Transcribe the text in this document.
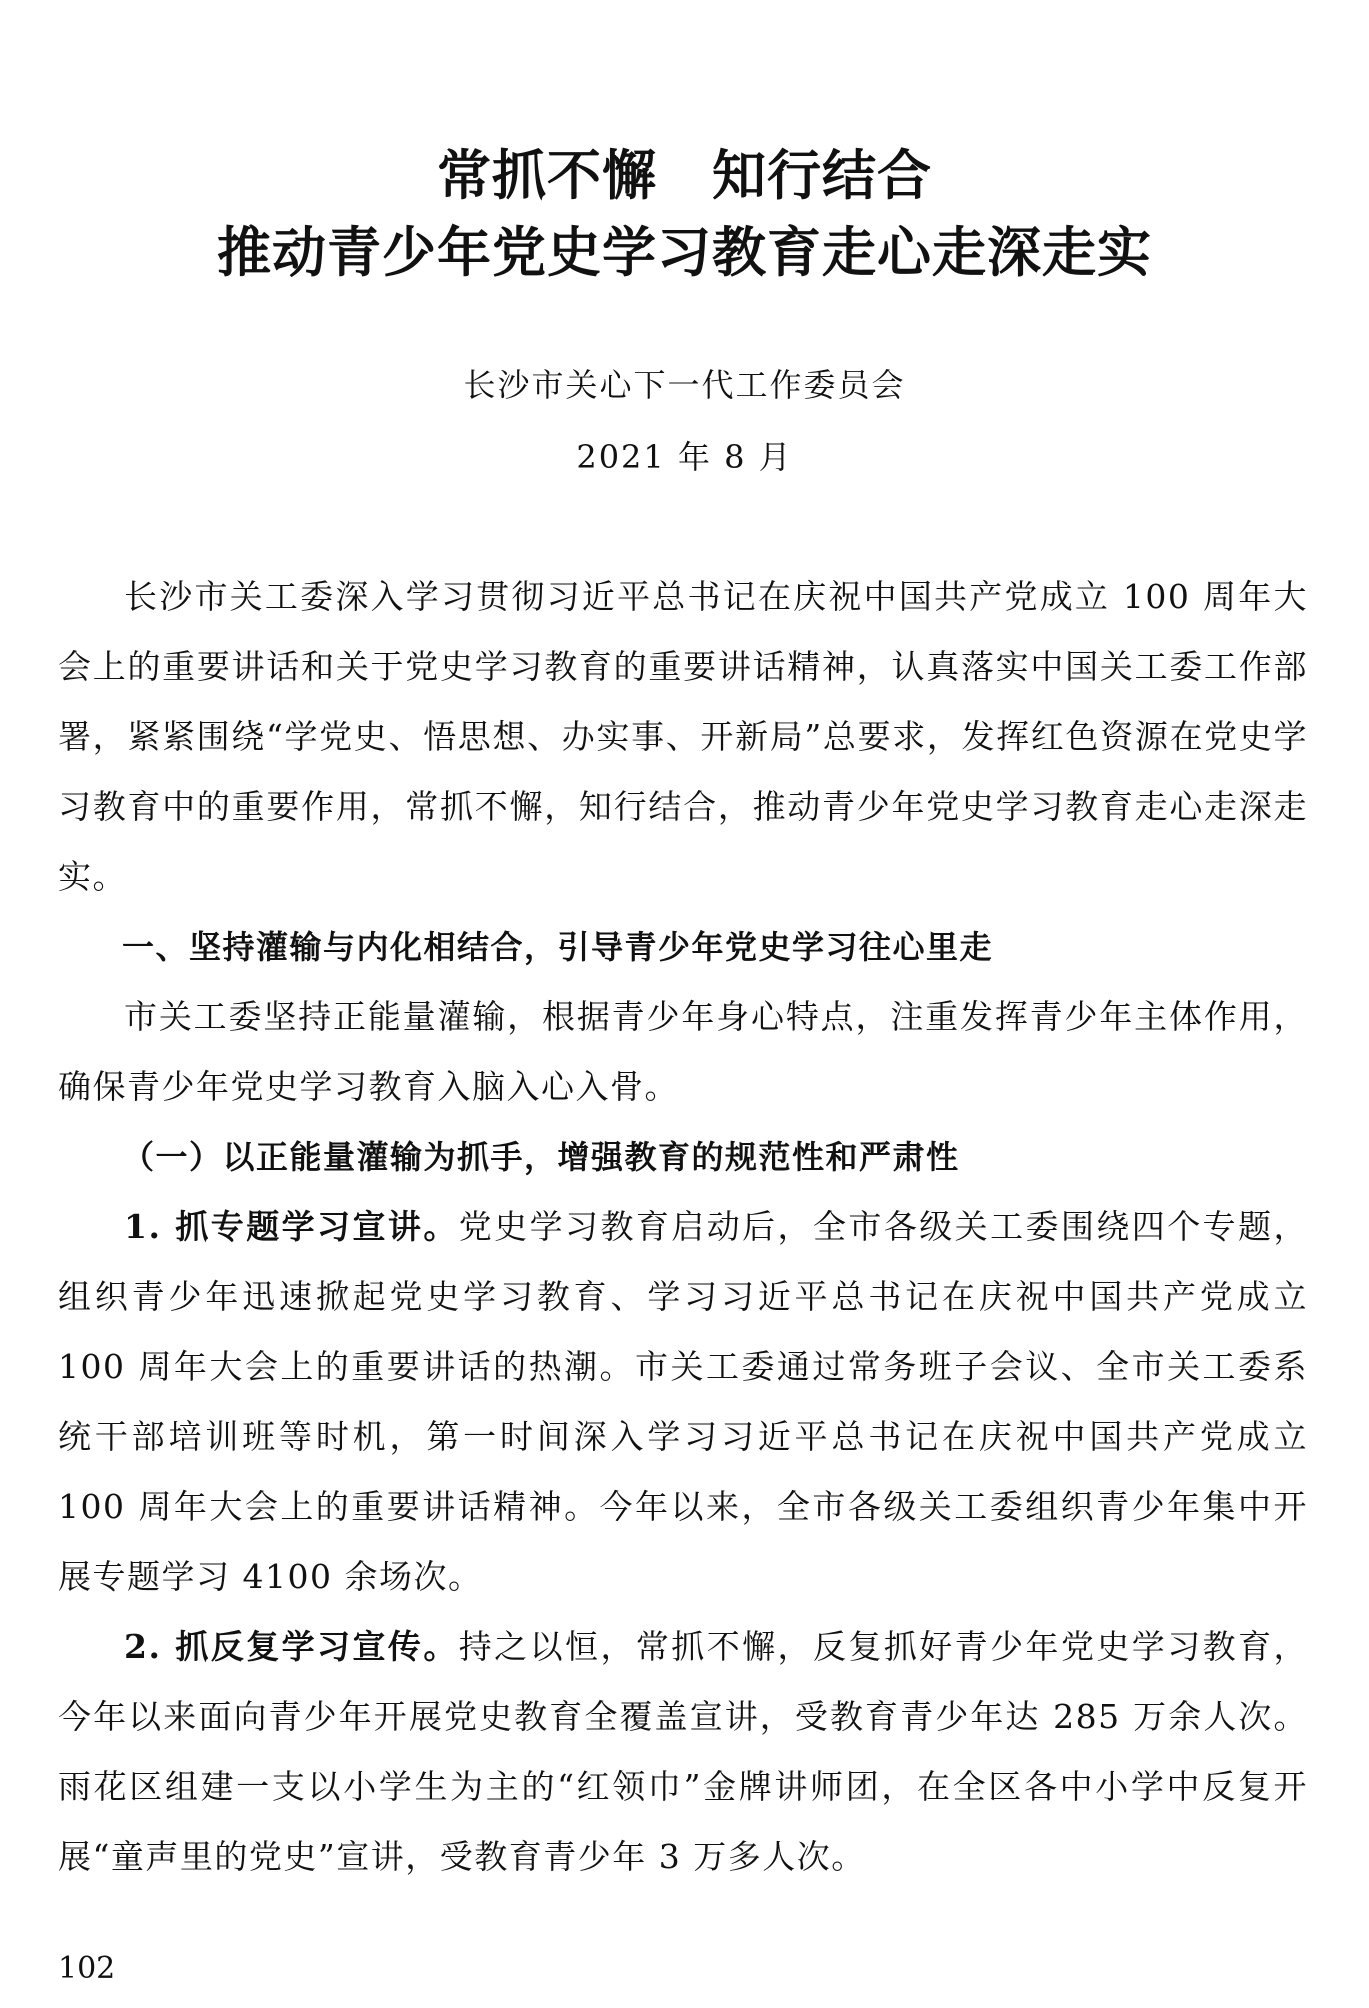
常抓不懈　知行结合
推动青少年党史学习教育走心走深走实
长沙市关心下一代工作委员会
2021 年 8 月

长沙市关工委深入学习贯彻习近平总书记在庆祝中国共产党成立 100 周年大会上的重要讲话和关于党史学习教育的重要讲话精神，认真落实中国关工委工作部署，紧紧围绕“学党史、悟思想、办实事、开新局”总要求，发挥红色资源在党史学习教育中的重要作用，常抓不懈，知行结合，推动青少年党史学习教育走心走深走实。

一、坚持灌输与内化相结合，引导青少年党史学习往心里走

市关工委坚持正能量灌输，根据青少年身心特点，注重发挥青少年主体作用，确保青少年党史学习教育入脑入心入骨。

（一）以正能量灌输为抓手，增强教育的规范性和严肃性

1. 抓专题学习宣讲。党史学习教育启动后，全市各级关工委围绕四个专题，组织青少年迅速掀起党史学习教育、学习习近平总书记在庆祝中国共产党成立 100 周年大会上的重要讲话的热潮。市关工委通过常务班子会议、全市关工委系统干部培训班等时机，第一时间深入学习习近平总书记在庆祝中国共产党成立 100 周年大会上的重要讲话精神。今年以来，全市各级关工委组织青少年集中开展专题学习 4100 余场次。

2. 抓反复学习宣传。持之以恒，常抓不懈，反复抓好青少年党史学习教育，今年以来面向青少年开展党史教育全覆盖宣讲，受教育青少年达 285 万余人次。雨花区组建一支以小学生为主的“红领巾”金牌讲师团，在全区各中小学中反复开展“童声里的党史”宣讲，受教育青少年 3 万多人次。

102
